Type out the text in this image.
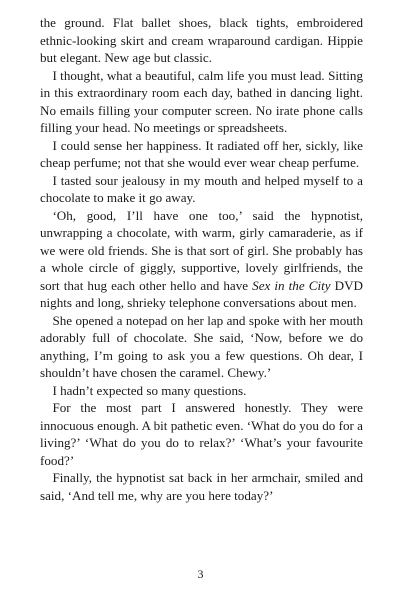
the ground. Flat ballet shoes, black tights, embroidered ethnic-looking skirt and cream wraparound cardigan. Hippie but elegant. New age but classic.

I thought, what a beautiful, calm life you must lead. Sitting in this extraordinary room each day, bathed in dancing light. No emails filling your computer screen. No irate phone calls filling your head. No meetings or spreadsheets.

I could sense her happiness. It radiated off her, sickly, like cheap perfume; not that she would ever wear cheap perfume.

I tasted sour jealousy in my mouth and helped myself to a chocolate to make it go away.

‘Oh, good, I’ll have one too,’ said the hypnotist, unwrapping a chocolate, with warm, girly camaraderie, as if we were old friends. She is that sort of girl. She probably has a whole circle of giggly, supportive, lovely girlfriends, the sort that hug each other hello and have Sex in the City DVD nights and long, shrieky telephone conversations about men.

She opened a notepad on her lap and spoke with her mouth adorably full of chocolate. She said, ‘Now, before we do anything, I’m going to ask you a few questions. Oh dear, I shouldn’t have chosen the caramel. Chewy.’

I hadn’t expected so many questions.

For the most part I answered honestly. They were innocuous enough. A bit pathetic even. ‘What do you do for a living?’ ‘What do you do to relax?’ ‘What’s your favourite food?’

Finally, the hypnotist sat back in her armchair, smiled and said, ‘And tell me, why are you here today?’

3
